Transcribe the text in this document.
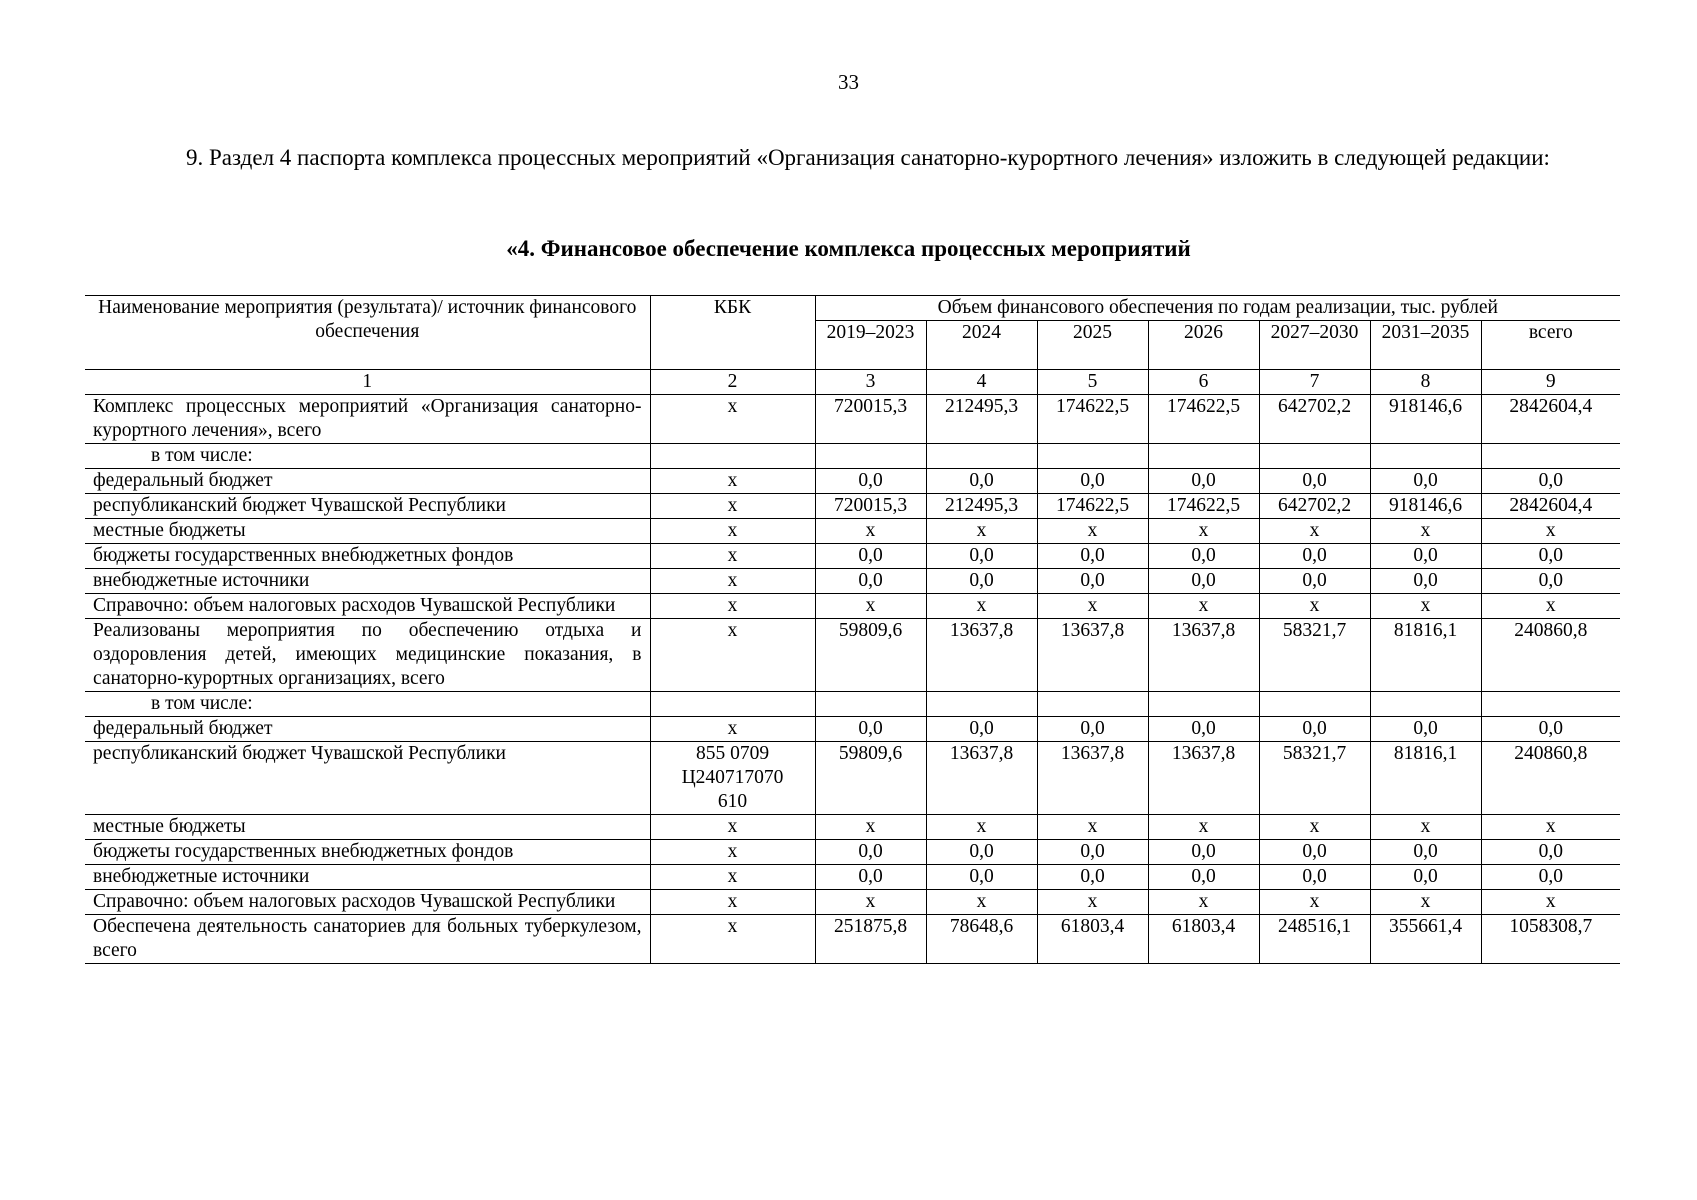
33
9. Раздел 4 паспорта комплекса процессных мероприятий «Организация санаторно-курортного лечения» изложить в следующей редакции:
«4. Финансовое обеспечение комплекса процессных мероприятий
Наименование мероприятия (результата)/ источник финансового обеспечения	КБК	Объем финансового обеспечения по годам реализации, тыс. рублей						
		2019–2023	2024	2025	2026	2027–2030	2031–2035	всего
1	2	3	4	5	6	7	8	9
Комплекс процессных мероприятий «Организация санаторно-курортного лечения», всего	х	720015,3	212495,3	174622,5	174622,5	642702,2	918146,6	2842604,4
в том числе:								
федеральный бюджет	х	0,0	0,0	0,0	0,0	0,0	0,0	0,0
республиканский бюджет Чувашской Республики	х	720015,3	212495,3	174622,5	174622,5	642702,2	918146,6	2842604,4
местные бюджеты	х	х	х	х	х	х	х	х
бюджеты государственных внебюджетных фондов	х	0,0	0,0	0,0	0,0	0,0	0,0	0,0
внебюджетные источники	х	0,0	0,0	0,0	0,0	0,0	0,0	0,0
Справочно: объем налоговых расходов Чувашской Республики	х	х	х	х	х	х	х	х
Реализованы мероприятия по обеспечению отдыха и оздоровления детей, имеющих медицинские показания, в санаторно-курортных организациях, всего	х	59809,6	13637,8	13637,8	13637,8	58321,7	81816,1	240860,8
в том числе:								
федеральный бюджет	х	0,0	0,0	0,0	0,0	0,0	0,0	0,0
республиканский бюджет Чувашской Республики	855 0709 Ц240717070 610	59809,6	13637,8	13637,8	13637,8	58321,7	81816,1	240860,8
местные бюджеты	х	х	х	х	х	х	х	х
бюджеты государственных внебюджетных фондов	х	0,0	0,0	0,0	0,0	0,0	0,0	0,0
внебюджетные источники	х	0,0	0,0	0,0	0,0	0,0	0,0	0,0
Справочно: объем налоговых расходов Чувашской Республики	х	х	х	х	х	х	х	х
Обеспечена деятельность санаториев для больных туберкулезом, всего	х	251875,8	78648,6	61803,4	61803,4	248516,1	355661,4	1058308,7
